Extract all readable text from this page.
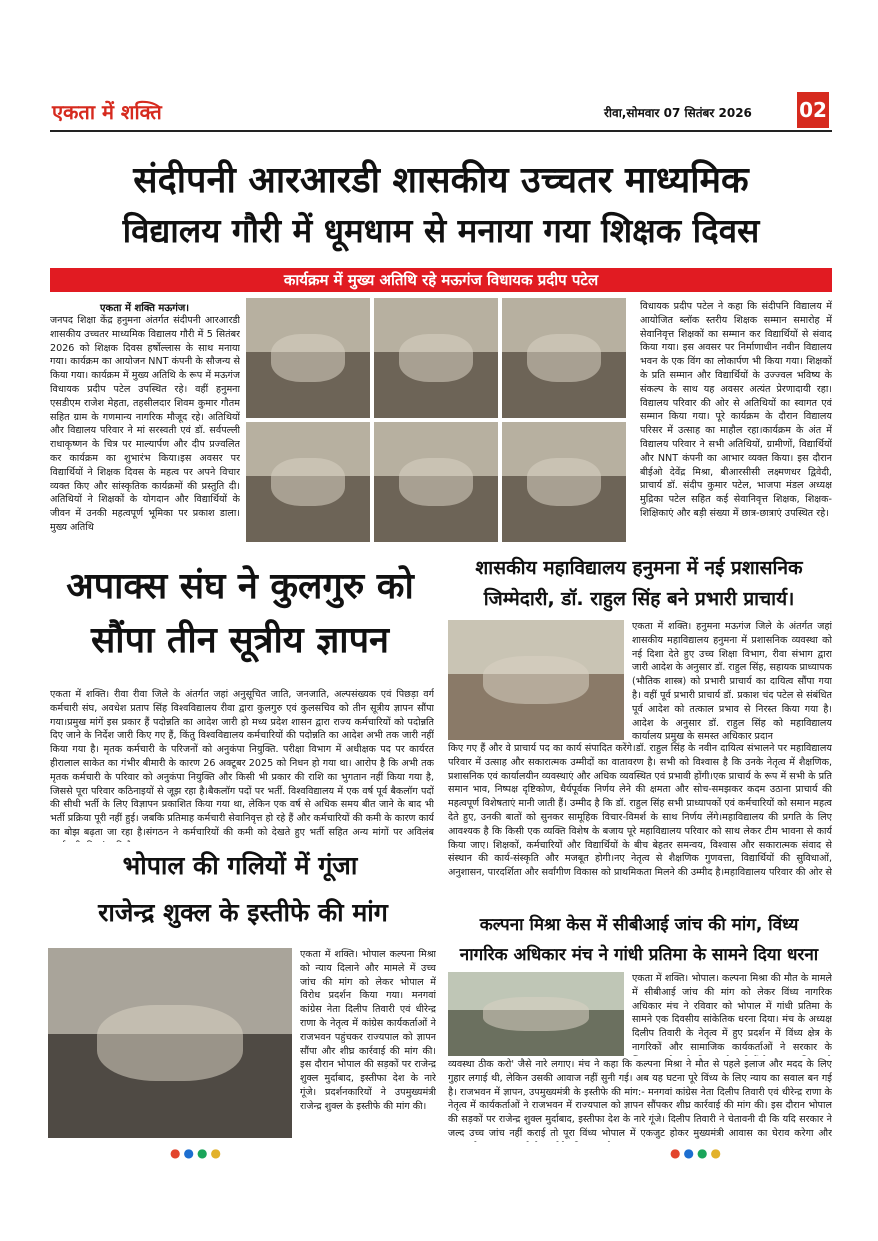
एकता में शक्ति	रीवा,सोमवार 07 सितंबर 2026 02
संदीपनी आरआरडी शासकीय उच्चतर माध्यमिक
विद्यालय गौरी में धूमधाम से मनाया गया शिक्षक दिवस
कार्यक्रम में मुख्य अतिथि रहे मऊगंज विधायक प्रदीप पटेल
एकता में शक्ति मऊगंज।
जनपद शिक्षा केंद्र हनुमना अंतर्गत संदीपनी आरआरडी शासकीय उच्चतर माध्यमिक विद्यालय गौरी में 5 सितंबर 2026 को शिक्षक दिवस हर्षोल्लास के साथ मनाया गया। कार्यक्रम का आयोजन NNT कंपनी के सौजन्य से किया गया। कार्यक्रम में मुख्य अतिथि के रूप में मऊगंज विधायक प्रदीप पटेल उपस्थित रहे। वहीं हनुमना एसडीएम राजेश मेहता, तहसीलदार शिवम कुमार गौतम सहित ग्राम के गणमान्य नागरिक मौजूद रहे। अतिथियों और विद्यालय परिवार ने मां सरस्वती एवं डॉ. सर्वपल्ली राधाकृष्णन के चित्र पर माल्यार्पण और दीप प्रज्वलित कर कार्यक्रम का शुभारंभ किया।इस अवसर पर विद्यार्थियों ने शिक्षक दिवस के महत्व पर अपने विचार व्यक्त किए और सांस्कृतिक कार्यक्रमों की प्रस्तुति दी। अतिथियों ने शिक्षकों के योगदान और विद्यार्थियों के जीवन में उनकी महत्वपूर्ण भूमिका पर प्रकाश डाला।मुख्य अतिथि
विधायक प्रदीप पटेल ने कहा कि संदीपनि विद्यालय में आयोजित ब्लॉक स्तरीय शिक्षक सम्मान समारोह में सेवानिवृत्त शिक्षकों का सम्मान कर विद्यार्थियों से संवाद किया गया। इस अवसर पर निर्माणाधीन नवीन विद्यालय भवन के एक विंग का लोकार्पण भी किया गया। शिक्षकों के प्रति सम्मान और विद्यार्थियों के उज्ज्वल भविष्य के संकल्प के साथ यह अवसर अत्यंत प्रेरणादायी रहा।विद्यालय परिवार की ओर से अतिथियों का स्वागत एवं सम्मान किया गया। पूरे कार्यक्रम के दौरान विद्यालय परिसर में उत्साह का माहौल रहा।कार्यक्रम के अंत में विद्यालय परिवार ने सभी अतिथियों, ग्रामीणों, विद्यार्थियों और NNT कंपनी का आभार व्यक्त किया। इस दौरान बीईओ देवेंद्र मिश्रा, बीआरसीसी लक्ष्मणधर द्विवेदी, प्राचार्य डॉ. संदीप कुमार पटेल, भाजपा मंडल अध्यक्ष मुद्रिका पटेल सहित कई सेवानिवृत्त शिक्षक, शिक्षक-शिक्षिकाएं और बड़ी संख्या में छात्र-छात्राएं उपस्थित रहे।
अपाक्स संघ ने कुलगुरु को
सौंपा तीन सूत्रीय ज्ञापन
एकता में शक्ति। रीवा रीवा जिले के अंतर्गत जहां अनुसूचित जाति, जनजाति, अल्पसंख्यक एवं पिछड़ा वर्ग कर्मचारी संघ, अवधेश प्रताप सिंह विश्वविद्यालय रीवा द्वारा कुलगुरु एवं कुलसचिव को तीन सूत्रीय ज्ञापन सौंपा गया।प्रमुख मांगें इस प्रकार हैं पदोन्नति का आदेश जारी हो मध्य प्रदेश शासन द्वारा राज्य कर्मचारियों को पदोन्नति दिए जाने के निर्देश जारी किए गए हैं, किंतु विश्वविद्यालय कर्मचारियों की पदोन्नति का आदेश अभी तक जारी नहीं किया गया है। मृतक कर्मचारी के परिजनों को अनुकंपा नियुक्ति. परीक्षा विभाग में अधीक्षक पद पर कार्यरत हीरालाल साकेत का गंभीर बीमारी के कारण 26 अक्टूबर 2025 को निधन हो गया था। आरोप है कि अभी तक मृतक कर्मचारी के परिवार को अनुकंपा नियुक्ति और किसी भी प्रकार की राशि का भुगतान नहीं किया गया है, जिससे पूरा परिवार कठिनाइयों से जूझ रहा है।बैकलॉग पदों पर भर्ती. विश्वविद्यालय में एक वर्ष पूर्व बैकलॉग पदों की सीधी भर्ती के लिए विज्ञापन प्रकाशित किया गया था, लेकिन एक वर्ष से अधिक समय बीत जाने के बाद भी भर्ती प्रक्रिया पूरी नहीं हुई। जबकि प्रतिमाह कर्मचारी सेवानिवृत्त हो रहे हैं और कर्मचारियों की कमी के कारण कार्य का बोझ बढ़ता जा रहा है।संगठन ने कर्मचारियों की कमी को देखते हुए भर्ती सहित अन्य मांगों पर अविलंब
शासकीय महाविद्यालय हनुमना में नई प्रशासनिक
जिम्मेदारी, डॉ. राहुल सिंह बने प्रभारी प्राचार्य।
एकता में शक्ति। हनुमना मऊगंज जिले के अंतर्गत जहां शासकीय महाविद्यालय हनुमना में प्रशासनिक व्यवस्था को नई दिशा देते हुए उच्च शिक्षा विभाग, रीवा संभाग द्वारा जारी आदेश के अनुसार डॉ. राहुल सिंह, सहायक प्राध्यापक (भौतिक शास्त्र) को प्रभारी प्राचार्य का दायित्व सौंपा गया है। वहीं पूर्व प्रभारी प्राचार्य डॉ. प्रकाश चंद पटेल से संबंधित पूर्व आदेश को तत्काल प्रभाव से निरस्त किया गया है।आदेश के अनुसार डॉ. राहुल सिंह को महाविद्यालय कार्यालय प्रमुख के समस्त अधिकार प्रदान
किए गए हैं और वे प्राचार्य पद का कार्य संपादित करेंगे।डॉ. राहुल सिंह के नवीन दायित्व संभालने पर महाविद्यालय परिवार में उत्साह और सकारात्मक उम्मीदों का वातावरण है। सभी को विश्वास है कि उनके नेतृत्व में शैक्षणिक, प्रशासनिक एवं कार्यालयीन व्यवस्थाएं और अधिक व्यवस्थित एवं प्रभावी होंगी।एक प्राचार्य के रूप में सभी के प्रति समान भाव, निष्पक्ष दृष्टिकोण, धैर्यपूर्वक निर्णय लेने की क्षमता और सोच-समझकर कदम उठाना प्राचार्य की महत्वपूर्ण विशेषताएं मानी जाती हैं। उम्मीद है कि डॉ. राहुल सिंह सभी प्राध्यापकों एवं कर्मचारियों को समान महत्व देते हुए, उनकी बातों को सुनकर सामूहिक विचार-विमर्श के साथ निर्णय लेंगे।महाविद्यालय की प्रगति के लिए आवश्यक है कि किसी एक व्यक्ति विशेष के बजाय पूरे महाविद्यालय परिवार को साथ लेकर टीम भावना से कार्य किया जाए। शिक्षकों, कर्मचारियों और विद्यार्थियों के बीच बेहतर समन्वय, विश्वास और सकारात्मक संवाद से संस्थान की कार्य-संस्कृति और मजबूत होगी।नए नेतृत्व से शैक्षणिक गुणवत्ता, विद्यार्थियों की सुविधाओं, अनुशासन, पारदर्शिता और सर्वांगीण विकास को प्राथमिकता मिलने की उम्मीद है।महाविद्यालय परिवार की ओर से
भोपाल की गलियों में गूंजा
राजेन्द्र शुक्ल के इस्तीफे की मांग
एकता में शक्ति। भोपाल कल्पना मिश्रा को न्याय दिलाने और मामले में उच्च जांच की मांग को लेकर भोपाल में विरोध प्रदर्शन किया गया। मनगवां कांग्रेस नेता दिलीप तिवारी एवं धीरेन्द्र राणा के नेतृत्व में कांग्रेस कार्यकर्ताओं ने राजभवन पहुंचकर राज्यपाल को ज्ञापन सौंपा और शीघ्र कार्रवाई की मांग की। इस दौरान भोपाल की सड़कों पर राजेन्द्र शुक्ल मुर्दाबाद, इस्तीफा देश के नारे गूंजे। प्रदर्शनकारियों ने उपमुख्यमंत्री राजेन्द्र शुक्ल के इस्तीफे की मांग की।
कल्पना मिश्रा केस में सीबीआई जांच की मांग, विंध्य
नागरिक अधिकार मंच ने गांधी प्रतिमा के सामने दिया धरना
एकता में शक्ति। भोपाल। कल्पना मिश्रा की मौत के मामले में सीबीआई जांच की मांग को लेकर विंध्य नागरिक अधिकार मंच ने रविवार को भोपाल में गांधी प्रतिमा के सामने एक दिवसीय सांकेतिक धरना दिया। मंच के अध्यक्ष दिलीप तिवारी के नेतृत्व में हुए प्रदर्शन में विंध्य क्षेत्र के नागरिकों और सामाजिक कार्यकर्ताओं ने सरकार के
व्यवस्था ठीक करो' जैसे नारे लगाए। मंच ने कहा कि कल्पना मिश्रा ने मौत से पहले इलाज और मदद के लिए गुहार लगाई थी, लेकिन उसकी आवाज नहीं सुनी गई। अब यह घटना पूरे विंध्य के लिए न्याय का सवाल बन गई है। राजभवन में ज्ञापन, उपमुख्यमंत्री के इस्तीफे की मांग:- मनगवां कांग्रेस नेता दिलीप तिवारी एवं धीरेन्द्र राणा के नेतृत्व में कार्यकर्ताओं ने राजभवन में राज्यपाल को ज्ञापन सौंपकर शीघ्र कार्रवाई की मांग की। इस दौरान भोपाल की सड़कों पर राजेन्द्र शुक्ल मुर्दाबाद, इस्तीफा देश के नारे गूंजे। दिलीप तिवारी ने चेतावनी दी कि यदि सरकार ने जल्द उच्च जांच नहीं कराई तो पूरा विंध्य भोपाल में एकजुट होकर मुख्यमंत्री आवास का घेराव करेगा और
●●●●	●●●●
